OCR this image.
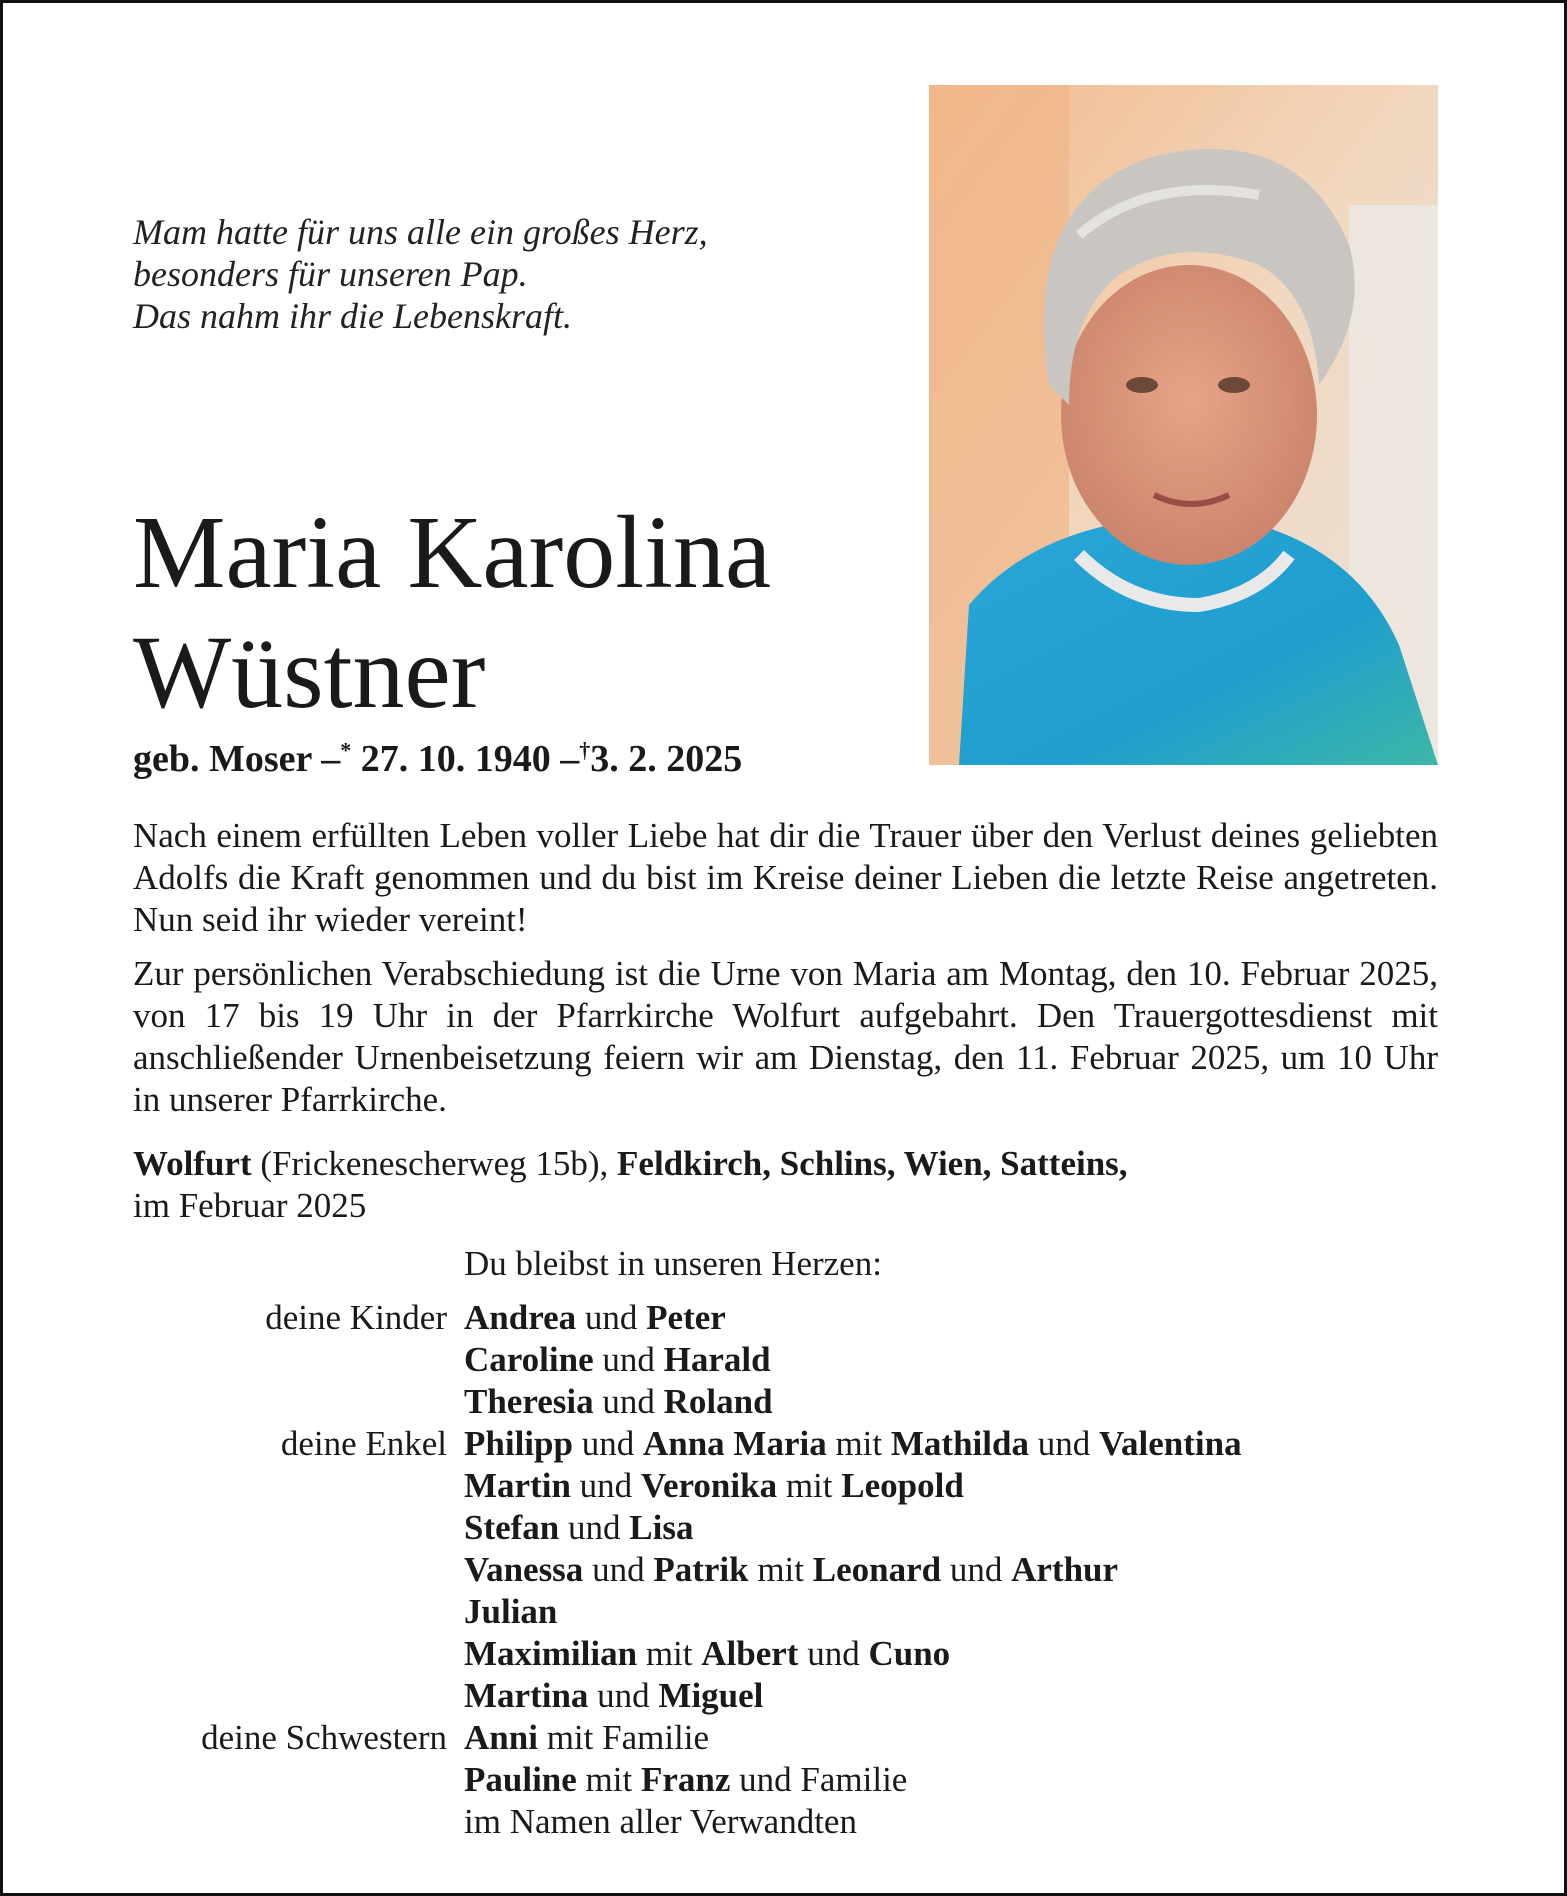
Mam hatte für uns alle ein großes Herz,
besonders für unseren Pap.
Das nahm ihr die Lebenskraft.
Maria Karolina
Wüstner
geb. Moser –* 27. 10. 1940 –†3. 2. 2025

Nach einem erfüllten Leben voller Liebe hat dir die Trauer über den Verlust deines geliebten Adolfs die Kraft genommen und du bist im Kreise deiner Lieben die letzte Reise angetreten. Nun seid ihr wieder vereint!

Zur persönlichen Verabschiedung ist die Urne von Maria am Montag, den 10. Februar 2025, von 17 bis 19 Uhr in der Pfarrkirche Wolfurt aufgebahrt. Den Trauergottesdienst mit anschließender Urnenbeisetzung feiern wir am Dienstag, den 11. Februar 2025, um 10 Uhr in unserer Pfarrkirche.

Wolfurt (Frickenescherweg 15b), Feldkirch, Schlins, Wien, Satteins,
im Februar 2025
Du bleibst in unseren Herzen:
deine Kinder Andrea und Peter
Caroline und Harald
Theresia und Roland
deine Enkel Philipp und Anna Maria mit Mathilda und Valentina
Martin und Veronika mit Leopold
Stefan und Lisa
Vanessa und Patrik mit Leonard und Arthur
Julian
Maximilian mit Albert und Cuno
Martina und Miguel
deine Schwestern Anni mit Familie
Pauline mit Franz und Familie
im Namen aller Verwandten
